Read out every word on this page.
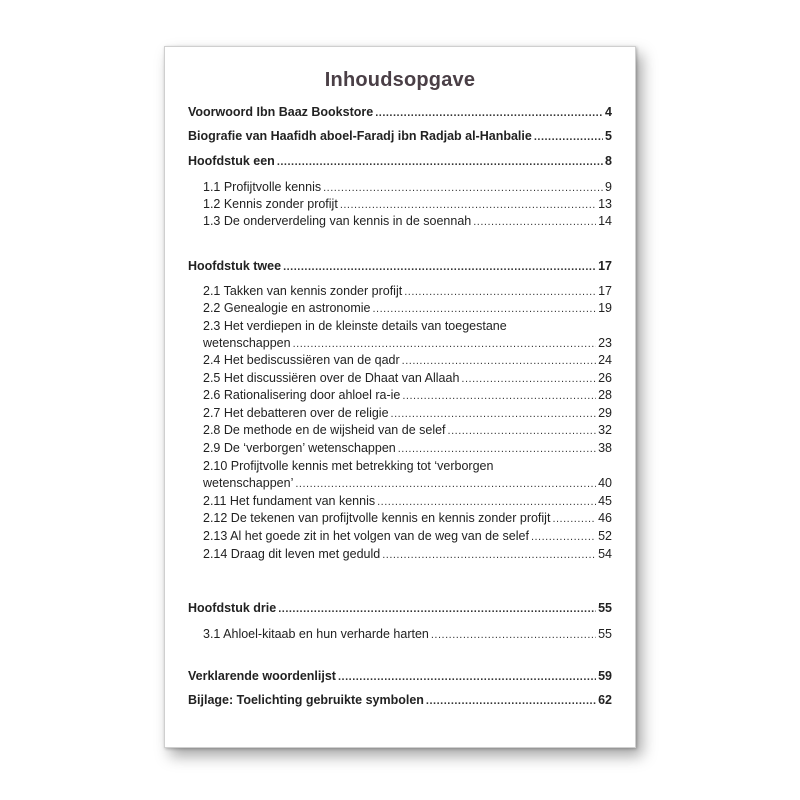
Inhoudsopgave
Voorwoord Ibn Baaz Bookstore .....	4
Biografie van Haafidh aboel-Faradj ibn Radjab al-Hanbalie .....	5
Hoofdstuk een .....	8
1.1 Profijtvolle kennis .....	9
1.2 Kennis zonder profijt .....	13
1.3 De onderverdeling van kennis in de soennah .....	14
Hoofdstuk twee .....	17
2.1 Takken van kennis zonder profijt .....	17
2.2 Genealogie en astronomie .....	19
2.3 Het verdiepen in de kleinste details van toegestane
wetenschappen .....	23
2.4 Het bediscussiëren van de qadr .....	24
2.5 Het discussiëren over de Dhaat van Allaah .....	26
2.6 Rationalisering door ahloel ra-ie .....	28
2.7 Het debatteren over de religie .....	29
2.8 De methode en de wijsheid van de selef .....	32
2.9 De ‘verborgen’ wetenschappen .....	38
2.10 Profijtvolle kennis met betrekking tot ‘verborgen
wetenschappen’ .....	40
2.11 Het fundament van kennis .....	45
2.12 De tekenen van profijtvolle kennis en kennis zonder profijt .....	46
2.13 Al het goede zit in het volgen van de weg van de selef .....	52
2.14 Draag dit leven met geduld .....	54
Hoofdstuk drie .....	55
3.1 Ahloel-kitaab en hun verharde harten .....	55
Verklarende woordenlijst .....	59
Bijlage: Toelichting gebruikte symbolen .....	62
